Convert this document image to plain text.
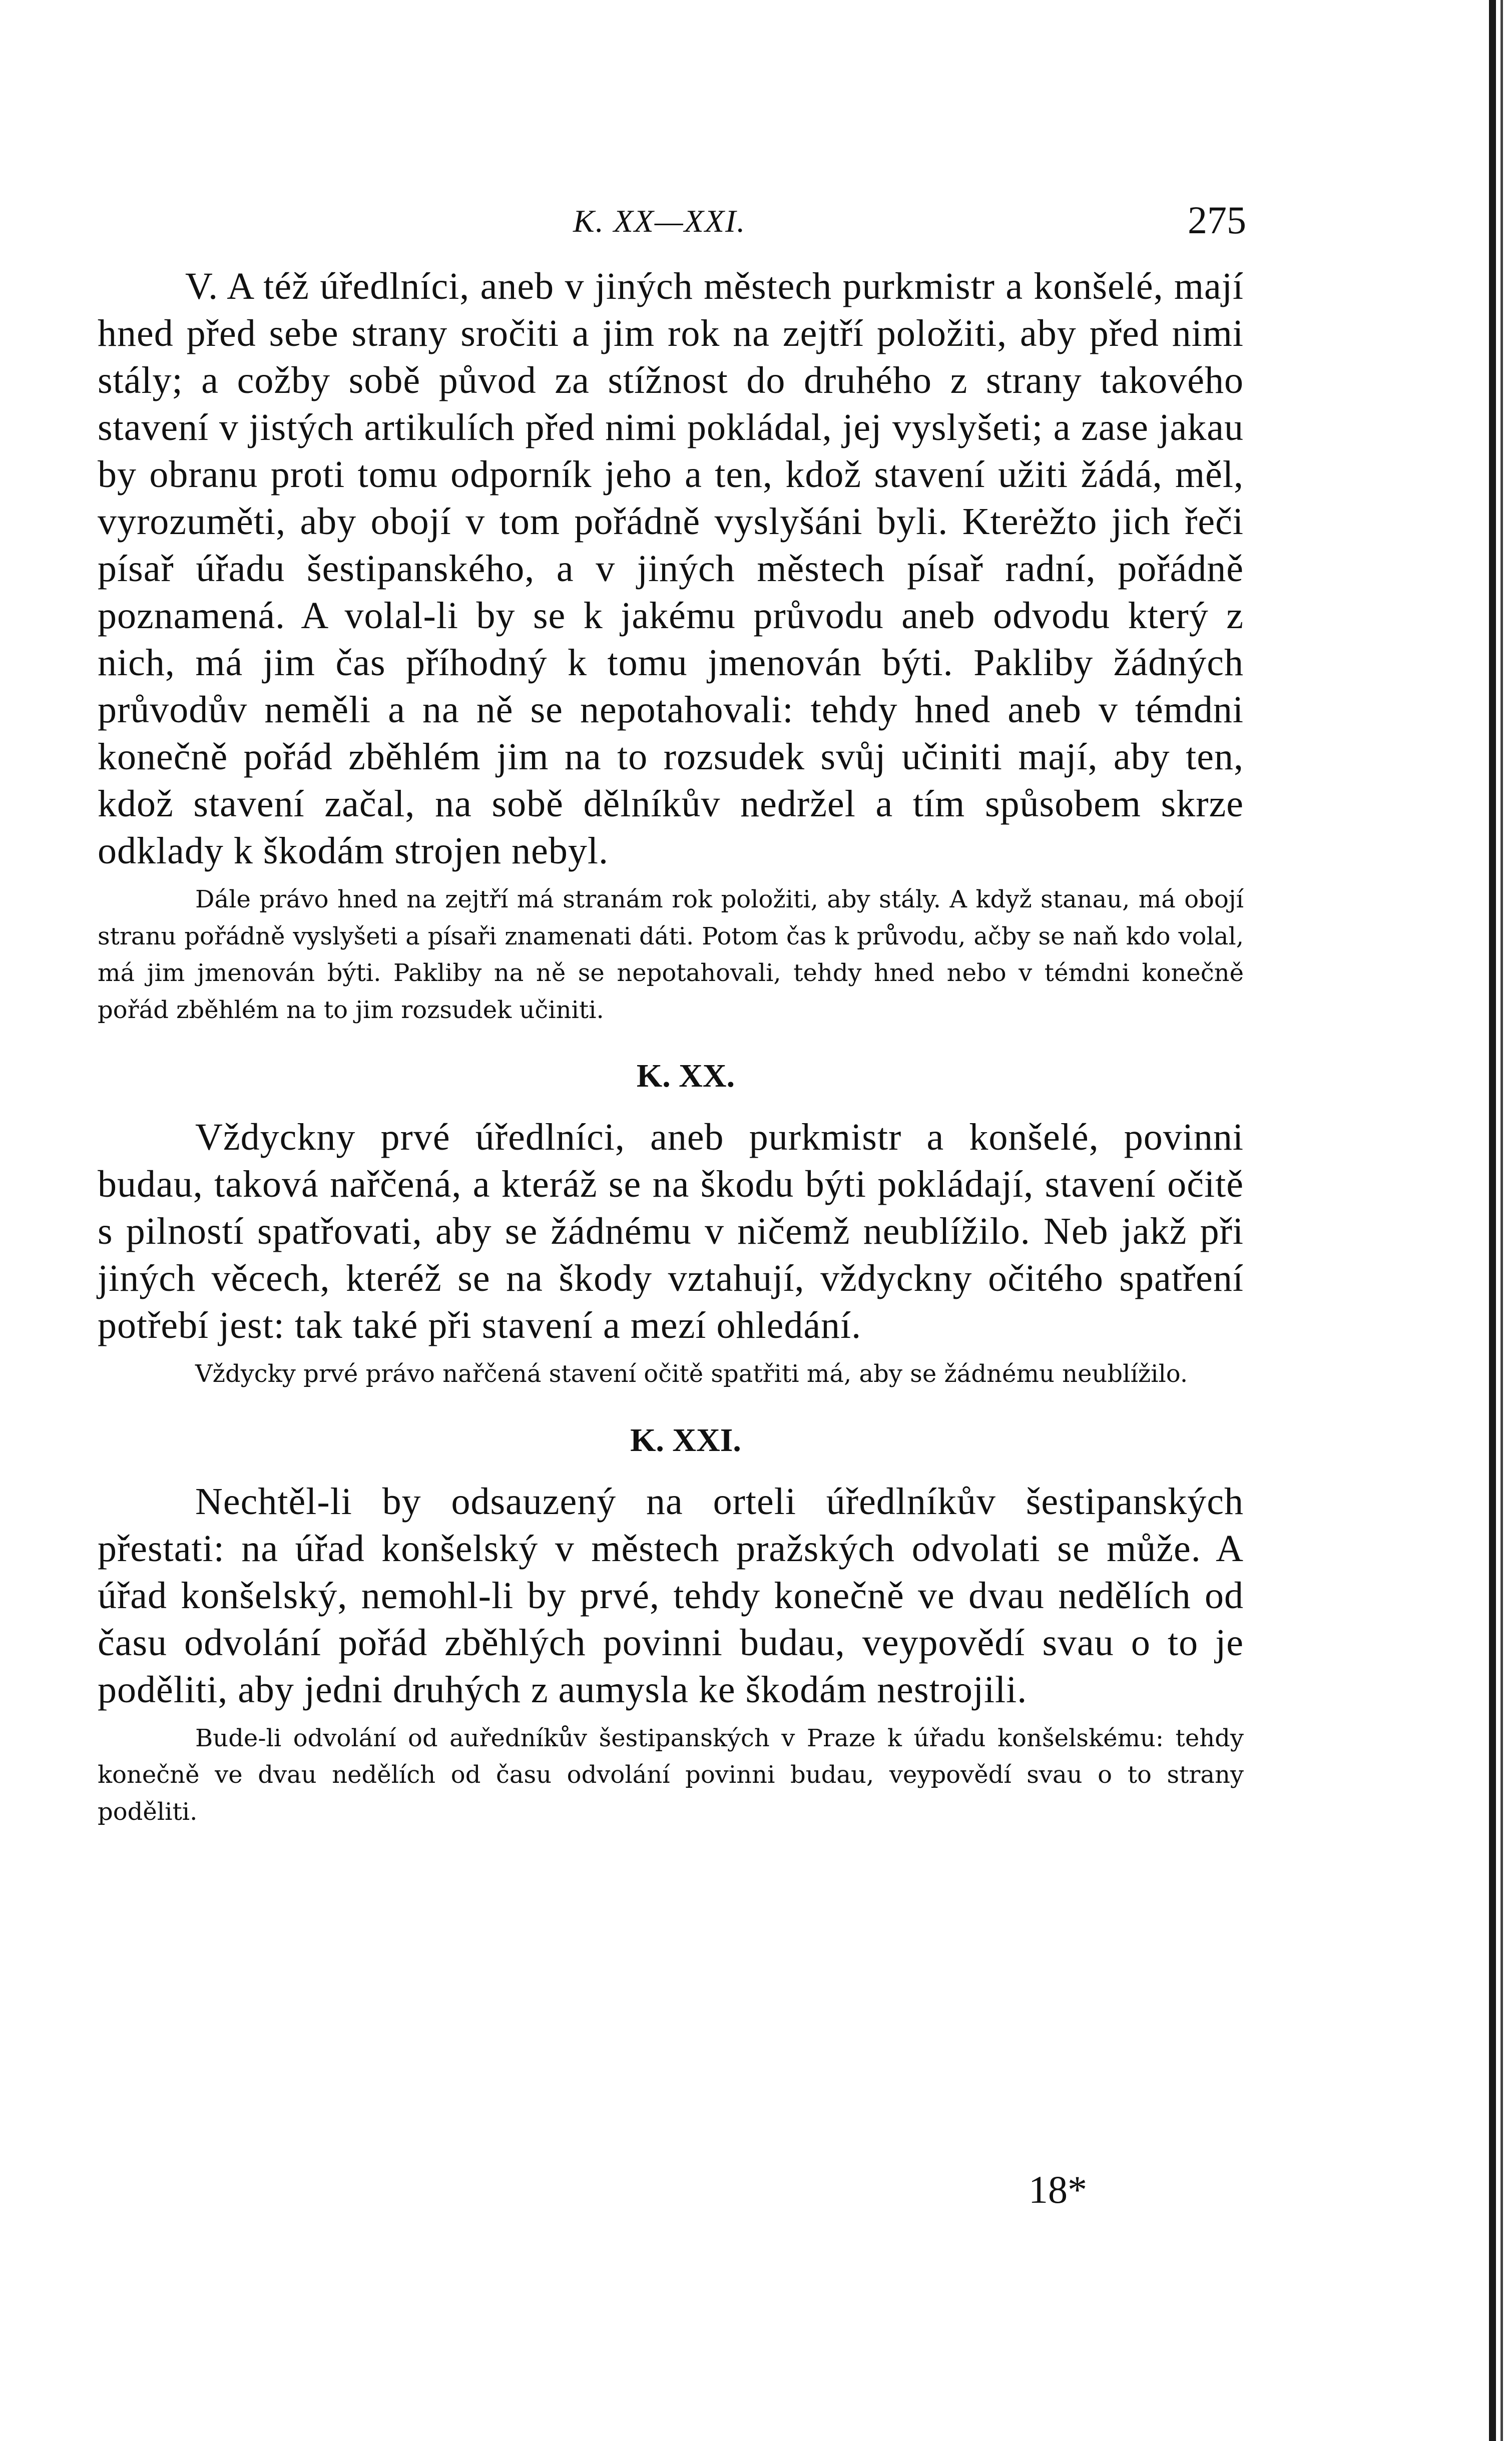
K. XX—XXI.	275

V. A též úředlníci, aneb v jiných městech purkmistr a konšelé, mají hned před sebe strany sročiti a jim rok na zejtří položiti, aby před nimi stály; a cožby sobě původ za stížnost do druhého z strany takového stavení v jistých artikulích před nimi pokládal, jej vyslyšeti; a zase jakau by obranu proti tomu odporník jeho a ten, kdož stavení užiti žádá, měl, vyrozuměti, aby obojí v tom pořádně vyslyšáni byli. Kterėžto jich řeči písař úřadu šestipanského, a v jiných městech písař radní, pořádně poznamená. A volal-li by se k jakému průvodu aneb odvodu který z nich, má jim čas příhodný k tomu jmenován býti. Pakliby žádných průvodův neměli a na ně se nepotahovali: tehdy hned aneb v témdni konečně pořád zběhlém jim na to rozsudek svůj učiniti mají, aby ten, kdož stavení začal, na sobě dělníkův nedržel a tím spůsobem skrze odklady k škodám strojen nebyl.

Dále právo hned na zejtří má stranám rok položiti, aby stály. A když stanau, má obojí stranu pořádně vyslyšeti a písaři znamenati dáti. Potom čas k průvodu, ačby se naň kdo volal, má jim jmenován býti. Pakliby na ně se nepotahovali, tehdy hned nebo v témdni konečně pořád zběhlém na to jim rozsudek učiniti.

K. XX.

Vždyckny prvé úředlníci, aneb purkmistr a konšelé, povinni budau, taková nařčená, a kteráž se na škodu býti pokládají, stavení očitě s pilností spatřovati, aby se žádnému v ničemž neublížilo. Neb jakž při jiných věcech, kteréž se na škody vztahují, vždyckny očitého spatření potřebí jest: tak také při stavení a mezí ohledání.

Vždycky prvé právo nařčená stavení očitě spatřiti má, aby se žádnému neublížilo.

K. XXI.

Nechtěl-li by odsauzený na orteli úředlníkův šestipanských přestati: na úřad konšelský v městech pražských odvolati se může. A úřad konšelský, nemohl-li by prvé, tehdy konečně ve dvau nedělích od času odvolání pořád zběhlých povinni budau, veypovědí svau o to je poděliti, aby jedni druhých z aumysla ke škodám nestrojili.

Bude-li odvolání od auředníkův šestipanských v Praze k úřadu konšelskému: tehdy konečně ve dvau nedělích od času odvolání povinni budau, veypovědí svau o to strany poděliti.

18*
